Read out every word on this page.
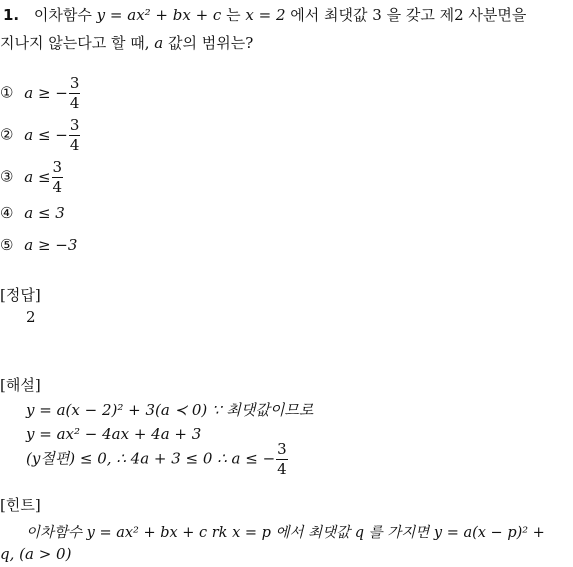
1. 이차함수 y = ax² + bx + c 는 x = 2 에서 최댓값 3 을 갖고 제2 사분면을
지나지 않는다고 할 때, a 값의 범위는?
① a ≥ − $\frac{3}{4}$
② a ≤ − $\frac{3}{4}$
③ $a \le \frac{3}{4}$
④ a ≤ 3
⑤ a ≥ −3
[정답]
2
[해설]
y = a(x − 2)² + 3(a ≺ 0) ∵ 최댓값이므로
y = ax² − 4ax + 4a + 3
(y절편) ≤ 0, ∴ 4a + 3 ≤ 0 ∴ a ≤ − $\frac{3}{4}$
[힌트]
이차함수 y = ax² + bx + c rk x = p 에서 최댓값 q 를 가지면 y = a(x − p)² +
q, (a > 0)
